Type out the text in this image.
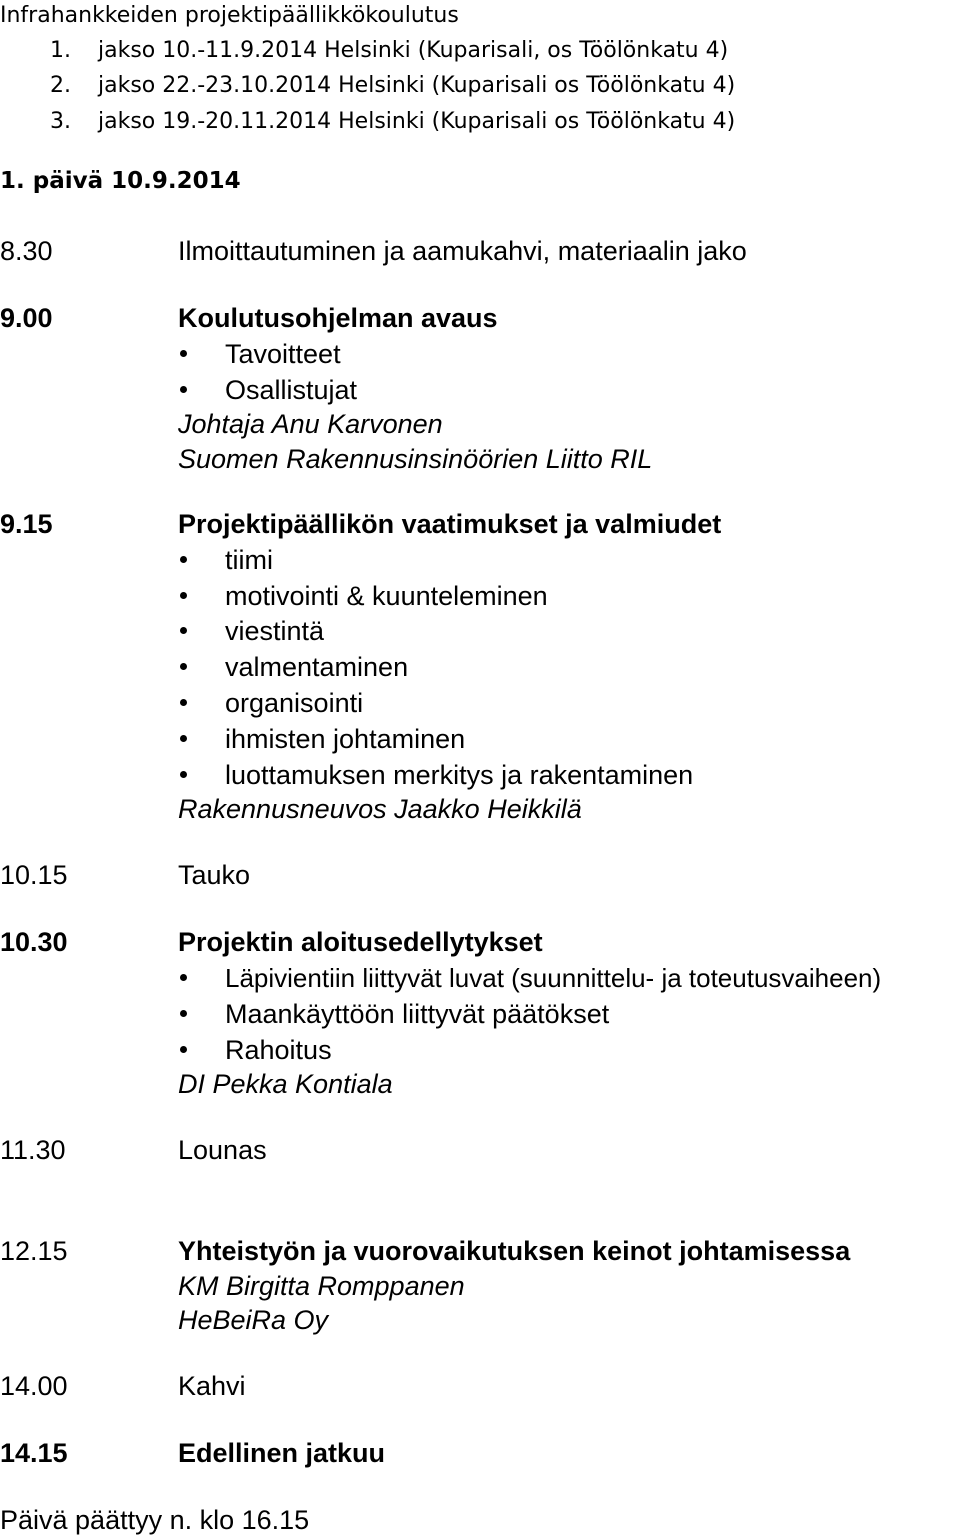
Infrahankkeiden projektipäällikkökoulutus
1. jakso 10.-11.9.2014 Helsinki (Kuparisali, os Töölönkatu 4)
2. jakso 22.-23.10.2014 Helsinki (Kuparisali os Töölönkatu 4)
3. jakso 19.-20.11.2014 Helsinki (Kuparisali os Töölönkatu 4)
1. päivä 10.9.2014
8.30	Ilmoittautuminen ja aamukahvi, materiaalin jako
9.00	Koulutusohjelman avaus
Tavoitteet
Osallistujat
Johtaja Anu Karvonen
Suomen Rakennusinsinöörien Liitto RIL
9.15	Projektipäällikön vaatimukset ja valmiudet
tiimi
motivointi & kuunteleminen
viestintä
valmentaminen
organisointi
ihmisten johtaminen
luottamuksen merkitys ja rakentaminen
Rakennusneuvos Jaakko Heikkilä
10.15	Tauko
10.30	Projektin aloitusedellytykset
Läpivientiin liittyvät luvat (suunnittelu- ja toteutusvaiheen)
Maankäyttöön liittyvät päätökset
Rahoitus
DI Pekka Kontiala
11.30	Lounas
12.15	Yhteistyön ja vuorovaikutuksen keinot johtamisessa
KM Birgitta Romppanen
HeBeiRa Oy
14.00	Kahvi
14.15	Edellinen jatkuu
Päivä päättyy n. klo 16.15
